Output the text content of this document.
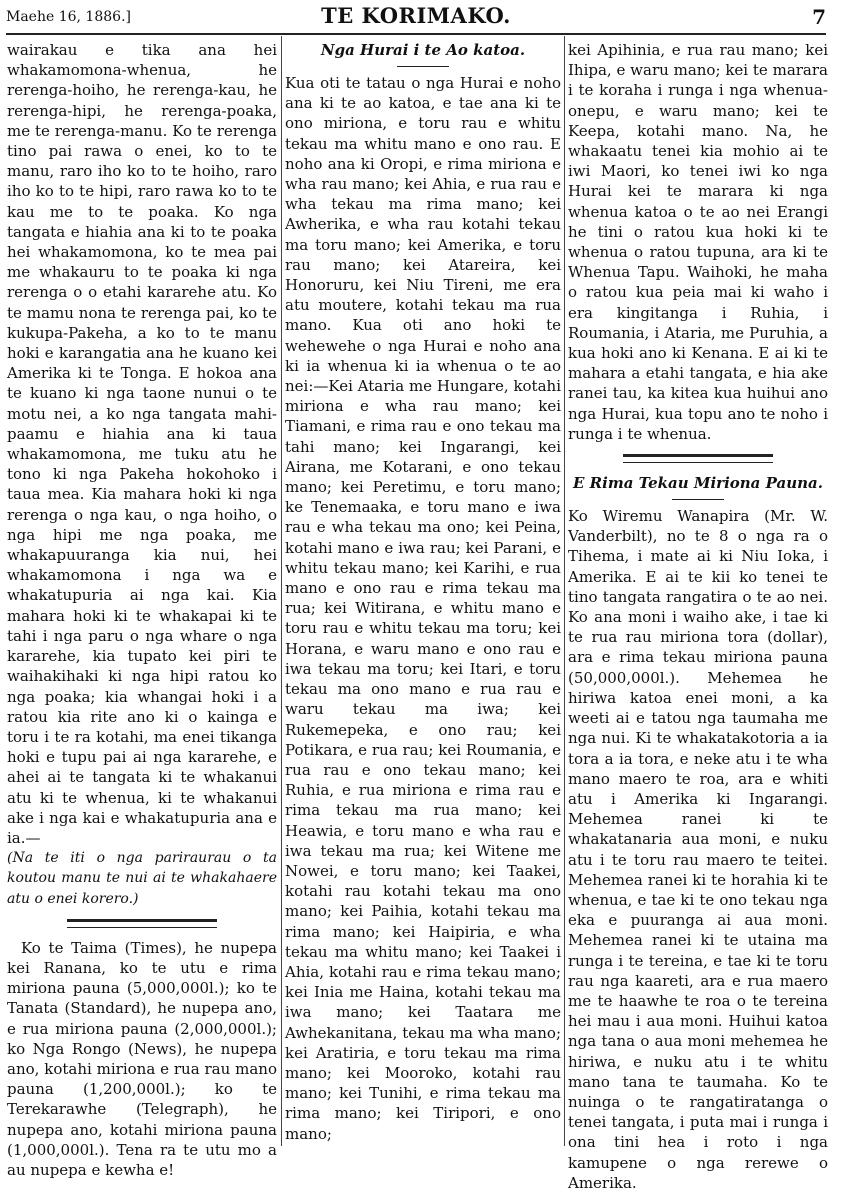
Maehe 16, 1886.]	TE KORIMAKO.	7

wairakau e tika ana hei whakamomona-whenua, he rerenga-hoiho, he rerenga-kau, he rerenga-hipi, he rerenga-poaka, me te rerenga-manu. Ko te rerenga tino pai rawa o enei, ko to te manu, raro iho ko to te hoiho, raro iho ko to te hipi, raro rawa ko to te kau me to te poaka. Ko nga tangata e hiahia ana ki to te poaka hei whakamomona, ko te mea pai me whakauru to te poaka ki nga rerenga o o etahi kararehe atu. Ko te mamu nona te rerenga pai, ko te kukupa-Pakeha, a ko to te manu hoki e karangatia ana he kuano kei Amerika ki te Tonga. E hokoa ana te kuano ki nga taone nunui o te motu nei, a ko nga tangata mahi-paamu e hiahia ana ki taua whakamomona, me tuku atu he tono ki nga Pakeha hokohoko i taua mea. Kia mahara hoki ki nga rerenga o nga kau, o nga hoiho, o nga hipi me nga poaka, me whakapuuranga kia nui, hei whakamomona i nga wa e whakatupuria ai nga kai. Kia mahara hoki ki te whakapai ki te tahi i nga paru o nga whare o nga kararehe, kia tupato kei piri te waihakihaki ki nga hipi ratou ko nga poaka; kia whangai hoki i a ratou kia rite ano ki o kainga e toru i te ra kotahi, ma enei tikanga hoki e tupu pai ai nga kararehe, e ahei ai te tangata ki te whakanui atu ki te whenua, ki te whakanui ake i nga kai e whakatupuria ana e ia.—

(Na te iti o nga pariraurau o ta koutou manu te nui ai te whakahaere atu o enei korero.)

Ko te Taima (Times), he nupepa kei Ranana, ko te utu e rima miriona pauna (5,000,000l.); ko te Tanata (Standard), he nupepa ano, e rua miriona pauna (2,000,000l.); ko Nga Rongo (News), he nupepa ano, kotahi miriona e rua rau mano pauna (1,200,000l.); ko te Terekarawhe (Telegraph), he nupepa ano, kotahi miriona pauna (1,000,000l.). Tena ra te utu mo a au nupepa e kewha e!

Nga Hurai i te Ao katoa.

Kua oti te tatau o nga Hurai e noho ana ki te ao katoa, e tae ana ki te ono miriona, e toru rau e whitu tekau ma whitu mano e ono rau. E noho ana ki Oropi, e rima miriona e wha rau mano; kei Ahia, e rua rau e wha tekau ma rima mano; kei Awherika, e wha rau kotahi tekau ma toru mano; kei Amerika, e toru rau mano; kei Atareira, kei Honoruru, kei Niu Tireni, me era atu moutere, kotahi tekau ma rua mano. Kua oti ano hoki te wehewehe o nga Hurai e noho ana ki ia whenua ki ia whenua o te ao nei:—Kei Ataria me Hungare, kotahi miriona e wha rau mano; kei Tiamani, e rima rau e ono tekau ma tahi mano; kei Ingarangi, kei Airana, me Kotarani, e ono tekau mano; kei Peretimu, e toru mano; ke Tenemaaka, e toru mano e iwa rau e wha tekau ma ono; kei Peina, kotahi mano e iwa rau; kei Parani, e whitu tekau mano; kei Karihi, e rua mano e ono rau e rima tekau ma rua; kei Witirana, e whitu mano e toru rau e whitu tekau ma toru; kei Horana, e waru mano e ono rau e iwa tekau ma toru; kei Itari, e toru tekau ma ono mano e rua rau e waru tekau ma iwa; kei Rukemepeka, e ono rau; kei Potikara, e rua rau; kei Roumania, e rua rau e ono tekau mano; kei Ruhia, e rua miriona e rima rau e rima tekau ma rua mano; kei Heawia, e toru mano e wha rau e iwa tekau ma rua; kei Witene me Nowei, e toru mano; kei Taakei, kotahi rau kotahi tekau ma ono mano; kei Paihia, kotahi tekau ma rima mano; kei Haipiria, e wha tekau ma whitu mano; kei Taakei i Ahia, kotahi rau e rima tekau mano; kei Inia me Haina, kotahi tekau ma iwa mano; kei Taatara me Awhekanitana, tekau ma wha mano; kei Aratiria, e toru tekau ma rima mano; kei Mooroko, kotahi rau mano; kei Tunihi, e rima tekau ma rima mano; kei Tiripori, e ono mano;

kei Apihinia, e rua rau mano; kei Ihipa, e waru mano; kei te marara i te koraha i runga i nga whenua-onepu, e waru mano; kei te Keepa, kotahi mano. Na, he whakaatu tenei kia mohio ai te iwi Maori, ko tenei iwi ko nga Hurai kei te marara ki nga whenua katoa o te ao nei Erangi he tini o ratou kua hoki ki te whenua o ratou tupuna, ara ki te Whenua Tapu. Waihoki, he maha o ratou kua peia mai ki waho i era kingitanga i Ruhia, i Roumania, i Ataria, me Puruhia, a kua hoki ano ki Kenana. E ai ki te mahara a etahi tangata, e hia ake ranei tau, ka kitea kua huihui ano nga Hurai, kua topu ano te noho i runga i te whenua.

E Rima Tekau Miriona Pauna.

Ko Wiremu Wanapira (Mr. W. Vanderbilt), no te 8 o nga ra o Tihema, i mate ai ki Niu Ioka, i Amerika. E ai te kii ko tenei te tino tangata rangatira o te ao nei. Ko ana moni i waiho ake, i tae ki te rua rau miriona tora (dollar), ara e rima tekau miriona pauna (50,000,000l.). Mehemea he hiriwa katoa enei moni, a ka weeti ai e tatou nga taumaha me nga nui. Ki te whakatakotoria a ia tora a ia tora, e neke atu i te wha mano maero te roa, ara e whiti atu i Amerika ki Ingarangi. Mehemea ranei ki te whakatanaria aua moni, e nuku atu i te toru rau maero te teitei. Mehemea ranei ki te horahia ki te whenua, e tae ki te ono tekau nga eka e puuranga ai aua moni. Mehemea ranei ki te utaina ma runga i te tereina, e tae ki te toru rau nga kaareti, ara e rua maero me te haawhe te roa o te tereina hei mau i aua moni. Huihui katoa nga tana o aua moni mehemea he hiriwa, e nuku atu i te whitu mano tana te taumaha. Ko te nuinga o te rangatiratanga o tenei tangata, i puta mai i runga i ona tini hea i roto i nga kamupene o nga rerewe o Amerika.
